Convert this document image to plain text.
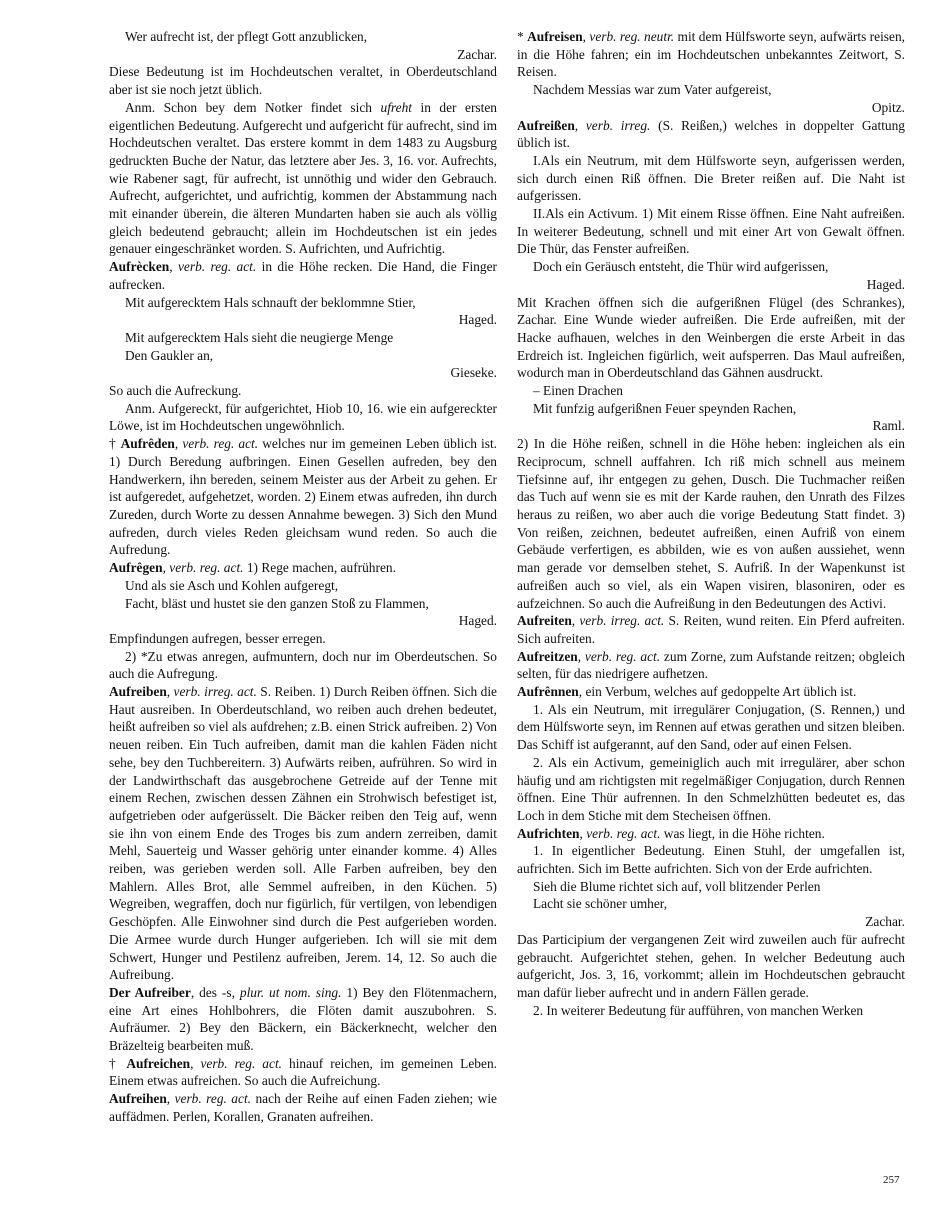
Wer aufrecht ist, der pflegt Gott anzublicken,

Zachar.

Diese Bedeutung ist im Hochdeutschen veraltet, in Oberdeutschland aber ist sie noch jetzt üblich.

Anm. Schon bey dem Notker findet sich ufreht in der ersten eigentlichen Bedeutung. Aufgerecht und aufgericht für aufrecht, sind im Hochdeutschen veraltet. Das erstere kommt in dem 1483 zu Augsburg gedruckten Buche der Natur, das letztere aber Jes. 3, 16. vor. Aufrechts, wie Rabener sagt, für aufrecht, ist unnöthig und wider den Gebrauch. Aufrecht, aufgerichtet, und aufrichtig, kommen der Abstammung nach mit einander überein, die älteren Mundarten haben sie auch als völlig gleich bedeutend gebraucht; allein im Hochdeutschen ist ein jedes genauer eingeschränket worden. S. Aufrichten, und Aufrichtig.

Aufrècken, verb. reg. act. in die Höhe recken. Die Hand, die Finger aufrecken.

Mit aufgerecktem Hals schnauft der beklommne Stier,

Haged.

Mit aufgerecktem Hals sieht die neugierge Menge

Den Gaukler an,

Gieseke.

So auch die Aufreckung.

Anm. Aufgereckt, für aufgerichtet, Hiob 10, 16. wie ein aufgereckter Löwe, ist im Hochdeutschen ungewöhnlich.

† Aufrêden, verb. reg. act. welches nur im gemeinen Leben üblich ist. 1) Durch Beredung aufbringen. Einen Gesellen aufreden, bey den Handwerkern, ihn bereden, seinem Meister aus der Arbeit zu gehen. Er ist aufgeredet, aufgehetzet, worden. 2) Einem etwas aufreden, ihn durch Zureden, durch Worte zu dessen Annahme bewegen. 3) Sich den Mund aufreden, durch vieles Reden gleichsam wund reden. So auch die Aufredung.

Aufrêgen, verb. reg. act. 1) Rege machen, aufrühren.

Und als sie Asch und Kohlen aufgeregt,

Facht, bläst und hustet sie den ganzen Stoß zu Flammen,

Haged.

Empfindungen aufregen, besser erregen.

2) *Zu etwas anregen, aufmuntern, doch nur im Oberdeutschen. So auch die Aufregung.

Aufreiben, verb. irreg. act. S. Reiben. 1) Durch Reiben öffnen. Sich die Haut ausreiben. In Oberdeutschland, wo reiben auch drehen bedeutet, heißt aufreiben so viel als aufdrehen; z.B. einen Strick aufreiben. 2) Von neuen reiben. Ein Tuch aufreiben, damit man die kahlen Fäden nicht sehe, bey den Tuchbereitern. 3) Aufwärts reiben, aufrühren. So wird in der Landwirthschaft das ausgebrochene Getreide auf der Tenne mit einem Rechen, zwischen dessen Zähnen ein Strohwisch befestiget ist, aufgetrieben oder aufgerüsselt. Die Bäcker reiben den Teig auf, wenn sie ihn von einem Ende des Troges bis zum andern zerreiben, damit Mehl, Sauerteig und Wasser gehörig unter einander komme. 4) Alles reiben, was gerieben werden soll. Alle Farben aufreiben, bey den Mahlern. Alles Brot, alle Semmel aufreiben, in den Küchen. 5) Wegreiben, wegraffen, doch nur figürlich, für vertilgen, von lebendigen Geschöpfen. Alle Einwohner sind durch die Pest aufgerieben worden. Die Armee wurde durch Hunger aufgerieben. Ich will sie mit dem Schwert, Hunger und Pestilenz aufreiben, Jerem. 14, 12. So auch die Aufreibung.

Der Aufreiber, des -s, plur. ut nom. sing. 1) Bey den Flötenmachern, eine Art eines Hohlbohrers, die Flöten damit auszubohren. S. Aufräumer. 2) Bey den Bäckern, ein Bäckerknecht, welcher den Bräzelteig bearbeiten muß.

† Aufreichen, verb. reg. act. hinauf reichen, im gemeinen Leben. Einem etwas aufreichen. So auch die Aufreichung.

Aufreihen, verb. reg. act. nach der Reihe auf einen Faden ziehen; wie auffädmen. Perlen, Korallen, Granaten aufreihen.

* Aufreisen, verb. reg. neutr. mit dem Hülfsworte seyn, aufwärts reisen, in die Höhe fahren; ein im Hochdeutschen unbekanntes Zeitwort, S. Reisen.

Nachdem Messias war zum Vater aufgereist,

Opitz.

Aufreißen, verb. irreg. (S. Reißen,) welches in doppelter Gattung üblich ist.

I.Als ein Neutrum, mit dem Hülfsworte seyn, aufgerissen werden, sich durch einen Riß öffnen. Die Breter reißen auf. Die Naht ist aufgerissen.

II.Als ein Activum. 1) Mit einem Risse öffnen. Eine Naht aufreißen. In weiterer Bedeutung, schnell und mit einer Art von Gewalt öffnen. Die Thür, das Fenster aufreißen.

Doch ein Geräusch entsteht, die Thür wird aufgerissen,

Haged.

Mit Krachen öffnen sich die aufgerißnen Flügel (des Schrankes), Zachar. Eine Wunde wieder aufreißen. Die Erde aufreißen, mit der Hacke aufhauen, welches in den Weinbergen die erste Arbeit in das Erdreich ist. Ingleichen figürlich, weit aufsperren. Das Maul aufreißen, wodurch man in Oberdeutschland das Gähnen ausdruckt.

– Einen Drachen

Mit funfzig aufgerißnen Feuer speynden Rachen,

Raml.

2) In die Höhe reißen, schnell in die Höhe heben: ingleichen als ein Reciprocum, schnell auffahren. Ich riß mich schnell aus meinem Tiefsinne auf, ihr entgegen zu gehen, Dusch. Die Tuchmacher reißen das Tuch auf wenn sie es mit der Karde rauhen, den Unrath des Filzes heraus zu reißen, wo aber auch die vorige Bedeutung Statt findet. 3) Von reißen, zeichnen, bedeutet aufreißen, einen Aufriß von einem Gebäude verfertigen, es abbilden, wie es von außen aussiehet, wenn man gerade vor demselben stehet, S. Aufriß. In der Wapenkunst ist aufreißen auch so viel, als ein Wapen visiren, blasoniren, oder es aufzeichnen. So auch die Aufreißung in den Bedeutungen des Activi.

Aufreiten, verb. irreg. act. S. Reiten, wund reiten. Ein Pferd aufreiten. Sich aufreiten.

Aufreitzen, verb. reg. act. zum Zorne, zum Aufstande reitzen; obgleich selten, für das niedrigere aufhetzen.

Aufrênnen, ein Verbum, welches auf gedoppelte Art üblich ist.

1. Als ein Neutrum, mit irregulärer Conjugation, (S. Rennen,) und dem Hülfsworte seyn, im Rennen auf etwas gerathen und sitzen bleiben. Das Schiff ist aufgerannt, auf den Sand, oder auf einen Felsen.

2. Als ein Activum, gemeiniglich auch mit irregulärer, aber schon häufig und am richtigsten mit regelmäßiger Conjugation, durch Rennen öffnen. Eine Thür aufrennen. In den Schmelzhütten bedeutet es, das Loch in dem Stiche mit dem Stecheisen öffnen.

Aufrichten, verb. reg. act. was liegt, in die Höhe richten.

1. In eigentlicher Bedeutung. Einen Stuhl, der umgefallen ist, aufrichten. Sich im Bette aufrichten. Sich von der Erde aufrichten.

Sieh die Blume richtet sich auf, voll blitzender Perlen

Lacht sie schöner umher,

Zachar.

Das Participium der vergangenen Zeit wird zuweilen auch für aufrecht gebraucht. Aufgerichtet stehen, gehen. In welcher Bedeutung auch aufgericht, Jos. 3, 16, vorkommt; allein im Hochdeutschen gebraucht man dafür lieber aufrecht und in andern Fällen gerade.

2. In weiterer Bedeutung für aufführen, von manchen Werken

257
